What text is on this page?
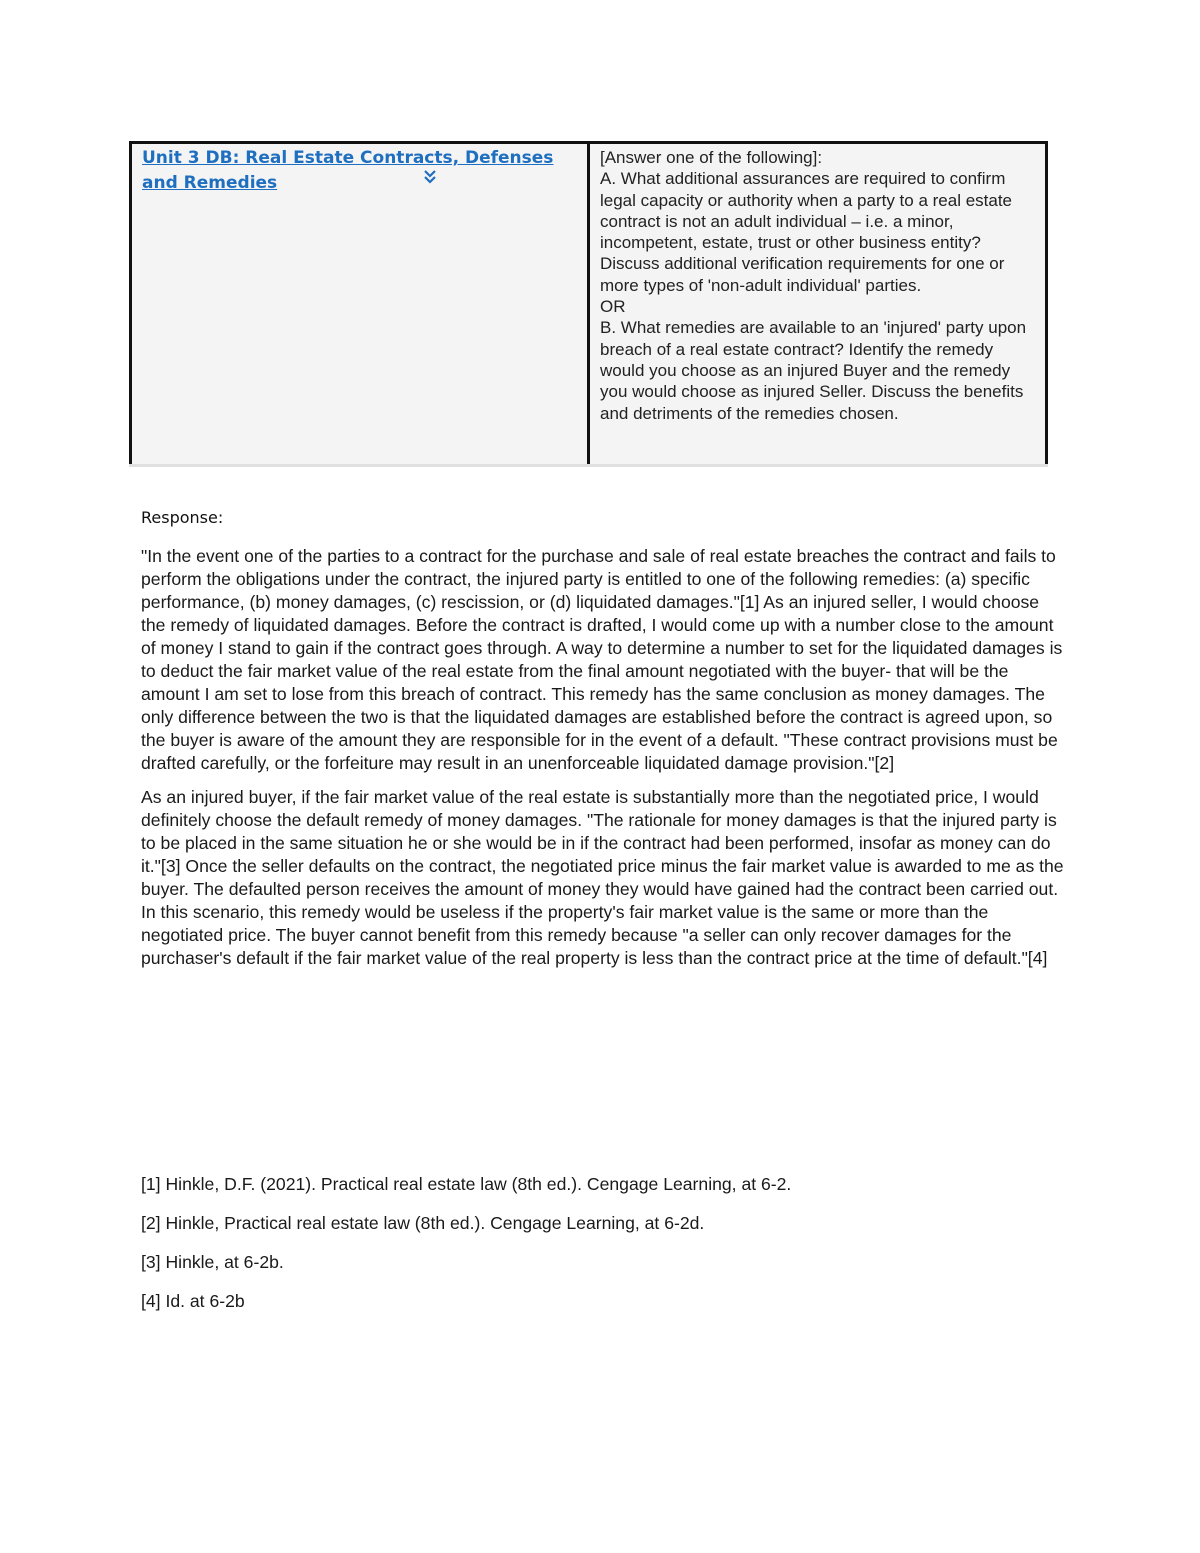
Unit 3 DB: Real Estate Contracts, Defenses and Remedies

[Answer one of the following]:

A. What additional assurances are required to confirm legal capacity or authority when a party to a real estate contract is not an adult individual – i.e. a minor, incompetent, estate, trust or other business entity? Discuss additional verification requirements for one or more types of 'non-adult individual' parties.

OR

B. What remedies are available to an 'injured' party upon breach of a real estate contract? Identify the remedy would you choose as an injured Buyer and the remedy you would choose as injured Seller. Discuss the benefits and detriments of the remedies chosen.

Response:

"In the event one of the parties to a contract for the purchase and sale of real estate breaches the contract and fails to perform the obligations under the contract, the injured party is entitled to one of the following remedies: (a) specific performance, (b) money damages, (c) rescission, or (d) liquidated damages."[1] As an injured seller, I would choose the remedy of liquidated damages. Before the contract is drafted, I would come up with a number close to the amount of money I stand to gain if the contract goes through. A way to determine a number to set for the liquidated damages is to deduct the fair market value of the real estate from the final amount negotiated with the buyer- that will be the amount I am set to lose from this breach of contract. This remedy has the same conclusion as money damages. The only difference between the two is that the liquidated damages are established before the contract is agreed upon, so the buyer is aware of the amount they are responsible for in the event of a default. "These contract provisions must be drafted carefully, or the forfeiture may result in an unenforceable liquidated damage provision."[2]

As an injured buyer, if the fair market value of the real estate is substantially more than the negotiated price, I would definitely choose the default remedy of money damages. "The rationale for money damages is that the injured party is to be placed in the same situation he or she would be in if the contract had been performed, insofar as money can do it."[3] Once the seller defaults on the contract, the negotiated price minus the fair market value is awarded to me as the buyer. The defaulted person receives the amount of money they would have gained had the contract been carried out. In this scenario, this remedy would be useless if the property's fair market value is the same or more than the negotiated price. The buyer cannot benefit from this remedy because "a seller can only recover damages for the purchaser's default if the fair market value of the real property is less than the contract price at the time of default."[4]

[1] Hinkle, D.F. (2021). Practical real estate law (8th ed.). Cengage Learning, at 6-2.

[2] Hinkle, Practical real estate law (8th ed.). Cengage Learning, at 6-2d.

[3] Hinkle, at 6-2b.

[4] Id. at 6-2b
